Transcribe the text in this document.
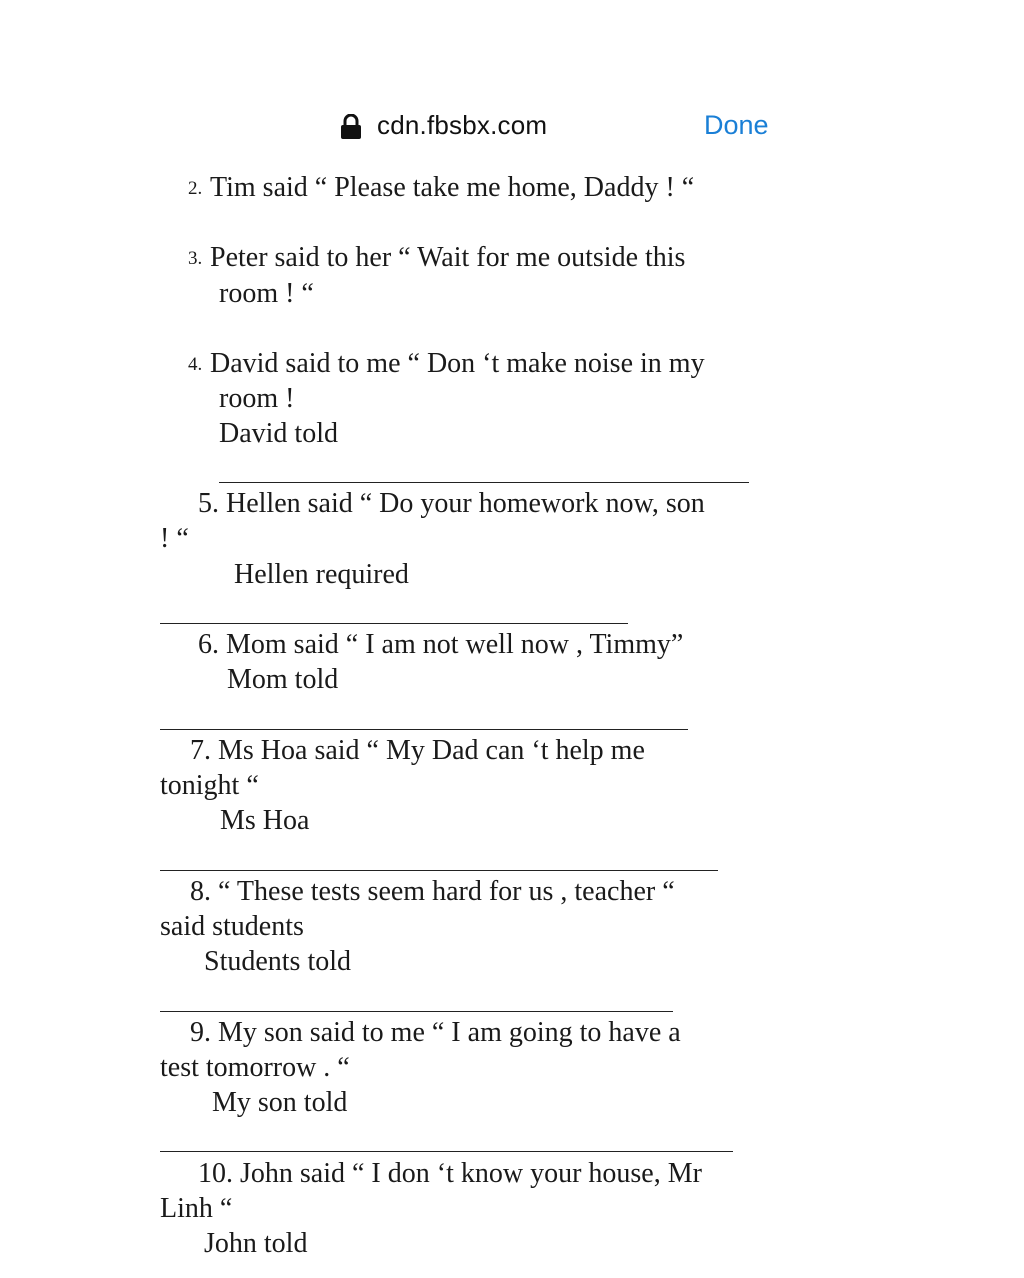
cdn.fbsbx.com	Done
2. Tim said “ Please take me home, Daddy ! “
3. Peter said to her “ Wait for me outside this
room ! “
4. David said to me “ Don ‘t make noise in my
room !
David told
5. Hellen said “ Do your homework now, son
! “
Hellen required
6. Mom said “ I am not well now , Timmy”
Mom told
7. Ms Hoa said “ My Dad can ‘t help me
tonight “
Ms Hoa
8. “ These tests seem hard for us , teacher “
said students
Students told
9. My son said to me “ I am going to have a
test tomorrow . “
My son told
10. John said “ I don ‘t know your house, Mr
Linh “
John told
